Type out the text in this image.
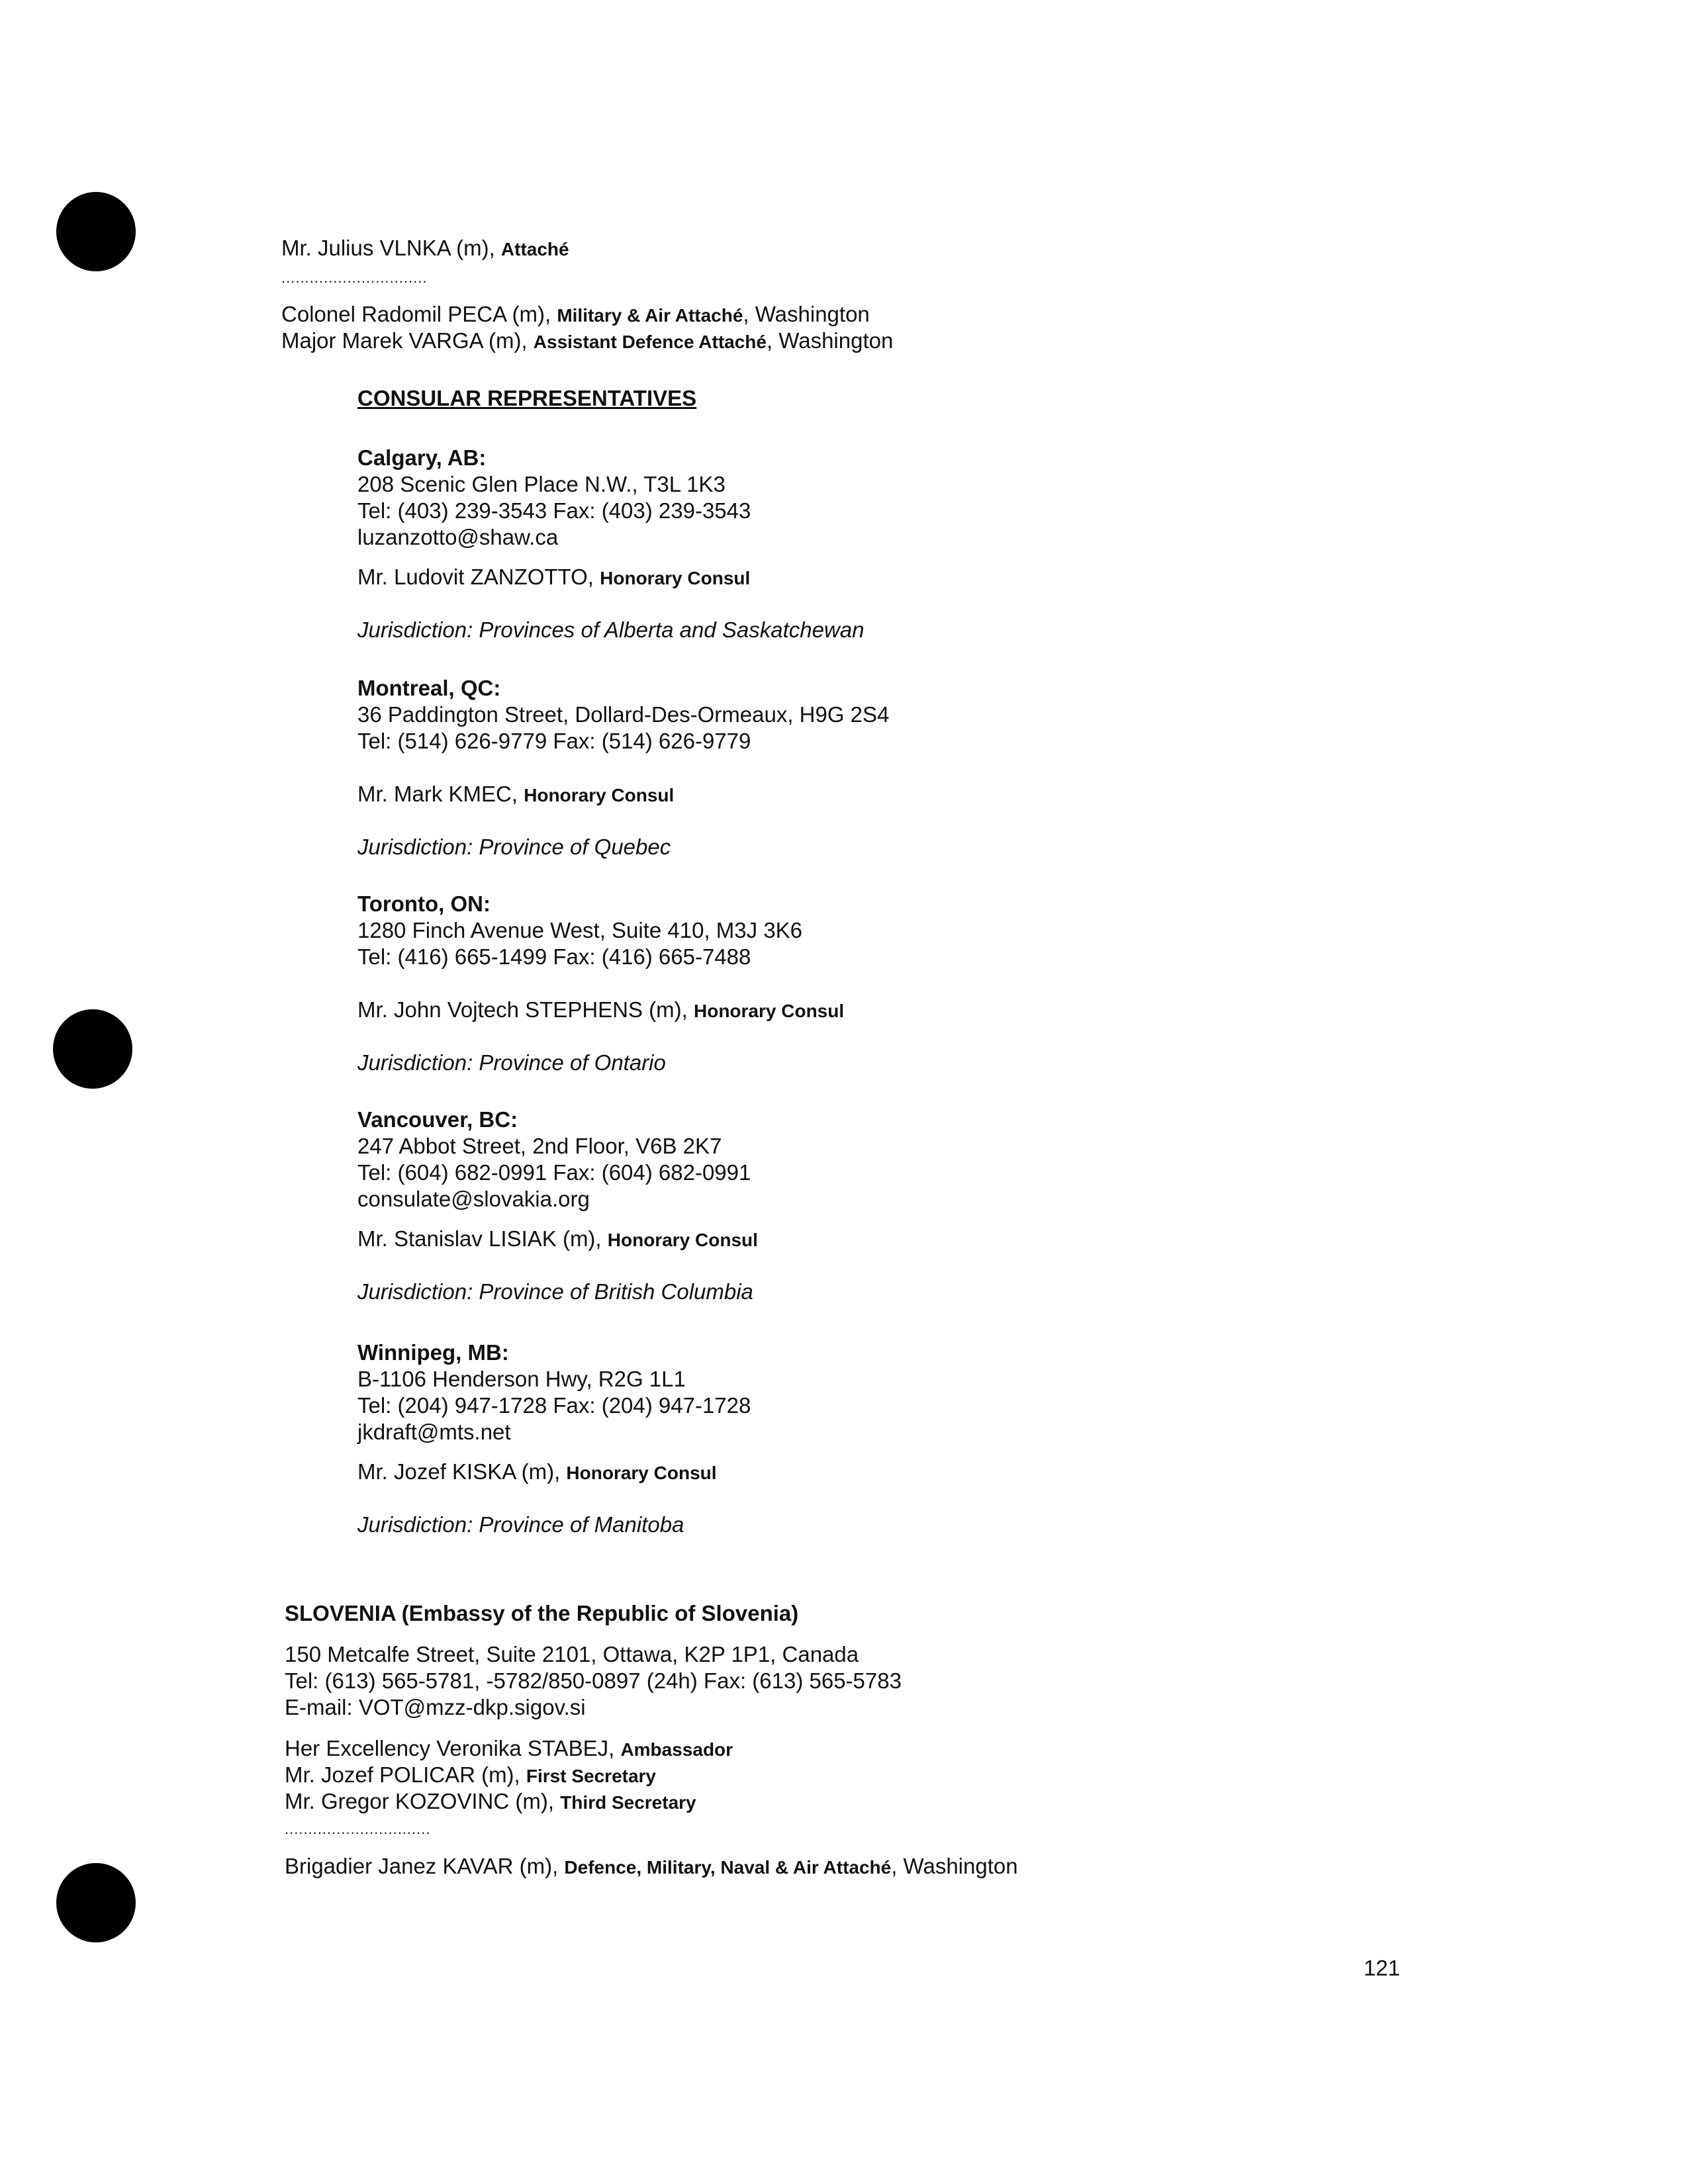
Mr. Julius VLNKA (m), Attaché
...............................
Colonel Radomil PECA (m), Military & Air Attaché, Washington
Major Marek VARGA (m), Assistant Defence Attaché, Washington
CONSULAR REPRESENTATIVES
Calgary, AB:
208 Scenic Glen Place N.W., T3L 1K3
Tel: (403) 239-3543 Fax: (403) 239-3543
luzanzotto@shaw.ca
Mr. Ludovit ZANZOTTO, Honorary Consul
Jurisdiction: Provinces of Alberta and Saskatchewan
Montreal, QC:
36 Paddington Street, Dollard-Des-Ormeaux, H9G 2S4
Tel: (514) 626-9779 Fax: (514) 626-9779
Mr. Mark KMEC, Honorary Consul
Jurisdiction: Province of Quebec
Toronto, ON:
1280 Finch Avenue West, Suite 410, M3J 3K6
Tel: (416) 665-1499 Fax: (416) 665-7488
Mr. John Vojtech STEPHENS (m), Honorary Consul
Jurisdiction: Province of Ontario
Vancouver, BC:
247 Abbot Street, 2nd Floor, V6B 2K7
Tel: (604) 682-0991 Fax: (604) 682-0991
consulate@slovakia.org
Mr. Stanislav LISIAK (m), Honorary Consul
Jurisdiction: Province of British Columbia
Winnipeg, MB:
B-1106 Henderson Hwy, R2G 1L1
Tel: (204) 947-1728 Fax: (204) 947-1728
jkdraft@mts.net
Mr. Jozef KISKA (m), Honorary Consul
Jurisdiction: Province of Manitoba
SLOVENIA (Embassy of the Republic of Slovenia)
150 Metcalfe Street, Suite 2101, Ottawa, K2P 1P1, Canada
Tel: (613) 565-5781, -5782/850-0897 (24h) Fax: (613) 565-5783
E-mail: VOT@mzz-dkp.sigov.si
Her Excellency Veronika STABEJ, Ambassador
Mr. Jozef POLICAR (m), First Secretary
Mr. Gregor KOZOVINC (m), Third Secretary
...............................
Brigadier Janez KAVAR (m), Defence, Military, Naval & Air Attaché, Washington
121
